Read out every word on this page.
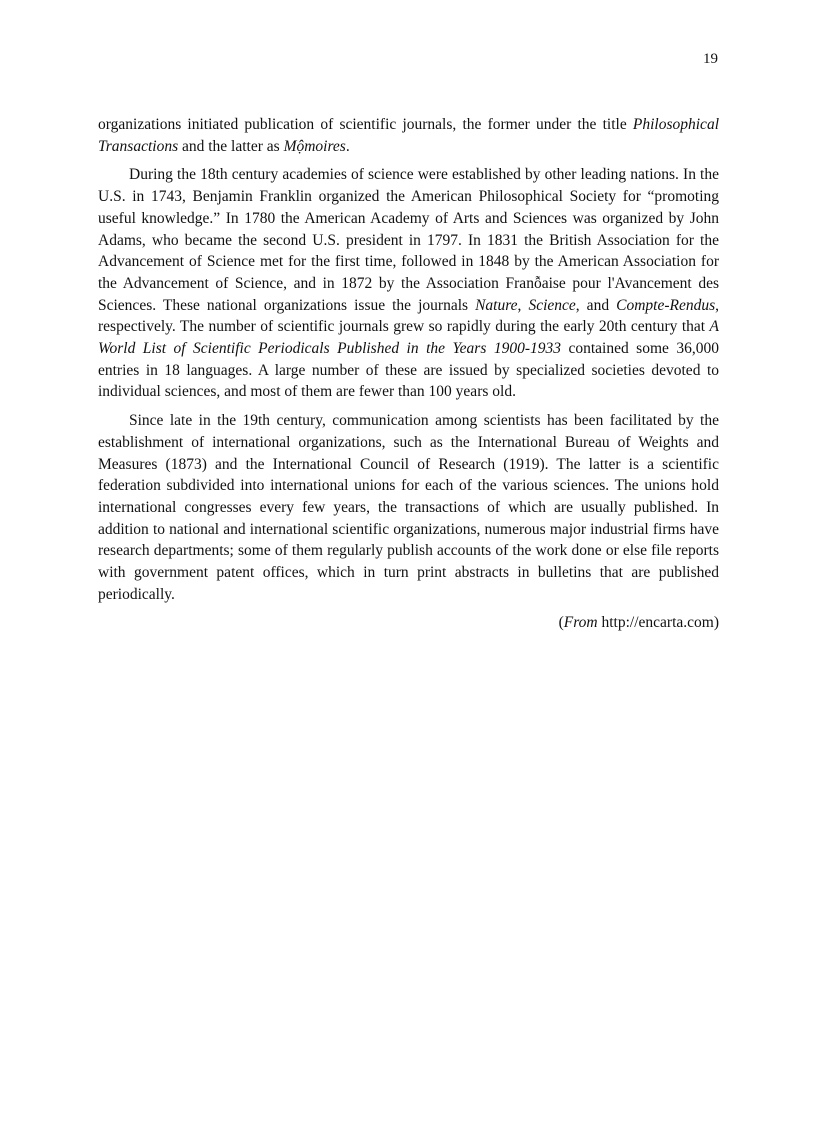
19

organizations initiated publication of scientific journals, the former under the title Philosophical Transactions and the latter as Mộmoires.

During the 18th century academies of science were established by other leading nations. In the U.S. in 1743, Benjamin Franklin organized the American Philosophical Society for “promoting useful knowledge.” In 1780 the American Academy of Arts and Sciences was organized by John Adams, who became the second U.S. president in 1797. In 1831 the British Association for the Advancement of Science met for the first time, followed in 1848 by the American Association for the Advancement of Science, and in 1872 by the Association Franỗaise pour l'Avancement des Sciences. These national organizations issue the journals Nature, Science, and Compte-Rendus, respectively. The number of scientific journals grew so rapidly during the early 20th century that A World List of Scientific Periodicals Published in the Years 1900-1933 contained some 36,000 entries in 18 languages. A large number of these are issued by specialized societies devoted to individual sciences, and most of them are fewer than 100 years old.

Since late in the 19th century, communication among scientists has been facilitated by the establishment of international organizations, such as the International Bureau of Weights and Measures (1873) and the International Council of Research (1919). The latter is a scientific federation subdivided into international unions for each of the various sciences. The unions hold international congresses every few years, the transactions of which are usually published. In addition to national and international scientific organizations, numerous major industrial firms have research departments; some of them regularly publish accounts of the work done or else file reports with government patent offices, which in turn print abstracts in bulletins that are published periodically.

(From http://encarta.com)
